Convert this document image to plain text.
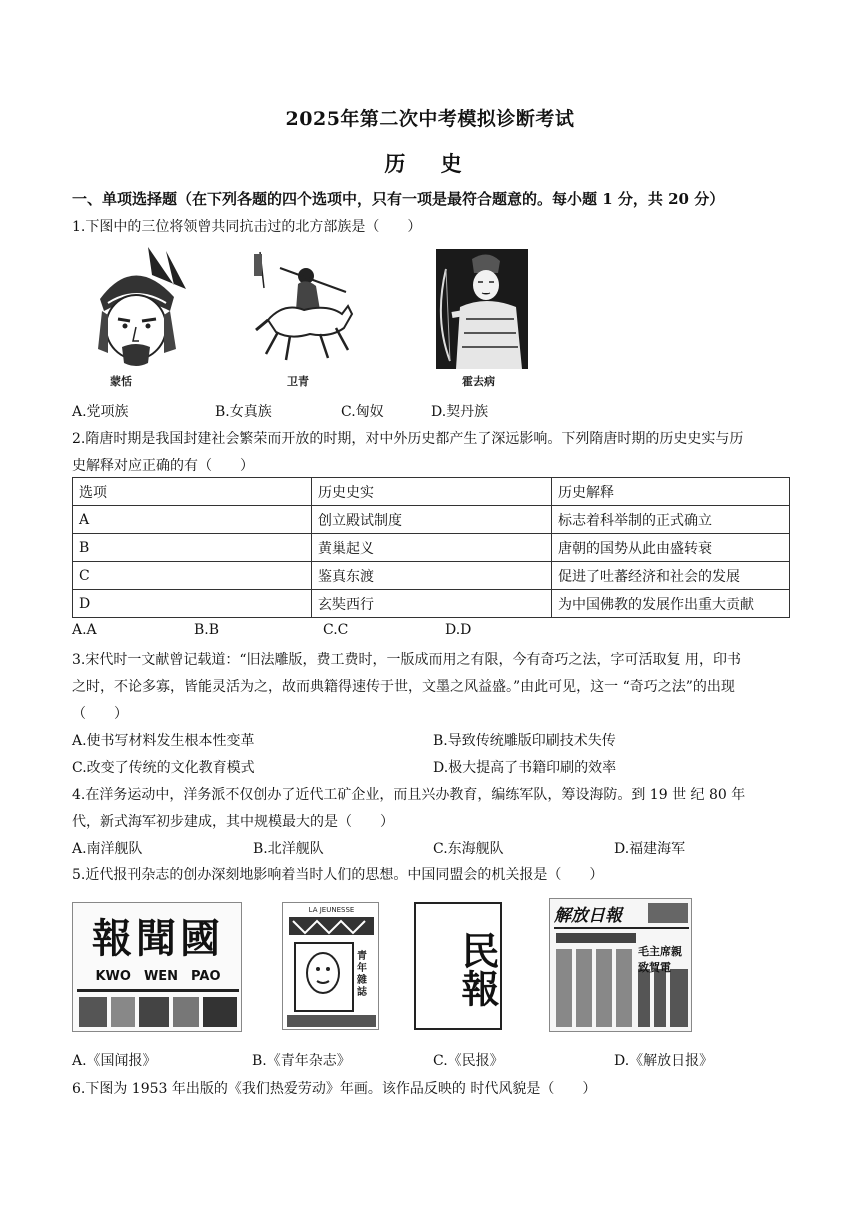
2025年第二次中考模拟诊断考试
历 史
一、单项选择题（在下列各题的四个选项中，只有一项是最符合题意的。每小题 1 分，共 20 分）
1.下图中的三位将领曾共同抗击过的北方部族是（　　）
蒙恬	卫青	霍去病
A.党项族	B.女真族	C.匈奴	D.契丹族
2.隋唐时期是我国封建社会繁荣而开放的时期，对中外历史都产生了深远影响。下列隋唐时期的历史史实与历
史解释对应正确的有（　　）
选项	历史史实	历史解释
A	创立殿试制度	标志着科举制的正式确立
B	黄巢起义	唐朝的国势从此由盛转衰
C	鉴真东渡	促进了吐蕃经济和社会的发展
D	玄奘西行	为中国佛教的发展作出重大贡献
A.A	B.B	C.C	D.D
3.宋代时一文献曾记载道：“旧法雕版，费工费时，一版成而用之有限，今有奇巧之法，字可活取复 用，印书
之时，不论多寡，皆能灵活为之，故而典籍得速传于世，文墨之风益盛。”由此可见，这一 “奇巧之法”的出现
（　　）
A.使书写材料发生根本性变革	B.导致传统雕版印刷技术失传
C.改变了传统的文化教育模式	D.极大提高了书籍印刷的效率
4.在洋务运动中，洋务派不仅创办了近代工矿企业，而且兴办教育，编练军队，筹设海防。到 19 世 纪 80 年
代，新式海军初步建成，其中规模最大的是（　　）
A.南洋舰队	B.北洋舰队	C.东海舰队	D.福建海军
5.近代报刊杂志的创办深刻地影响着当时人们的思想。中国同盟会的机关报是（　　）
報聞國
KWO　WEN　PAO
LA JEUNESSE
青年雜誌	民報
解放日報
毛主席親致賀電
A.《国闻报》	B.《青年杂志》	C.《民报》	D.《解放日报》
6.下图为 1953 年出版的《我们热爱劳动》年画。该作品反映的 时代风貌是（　　）
